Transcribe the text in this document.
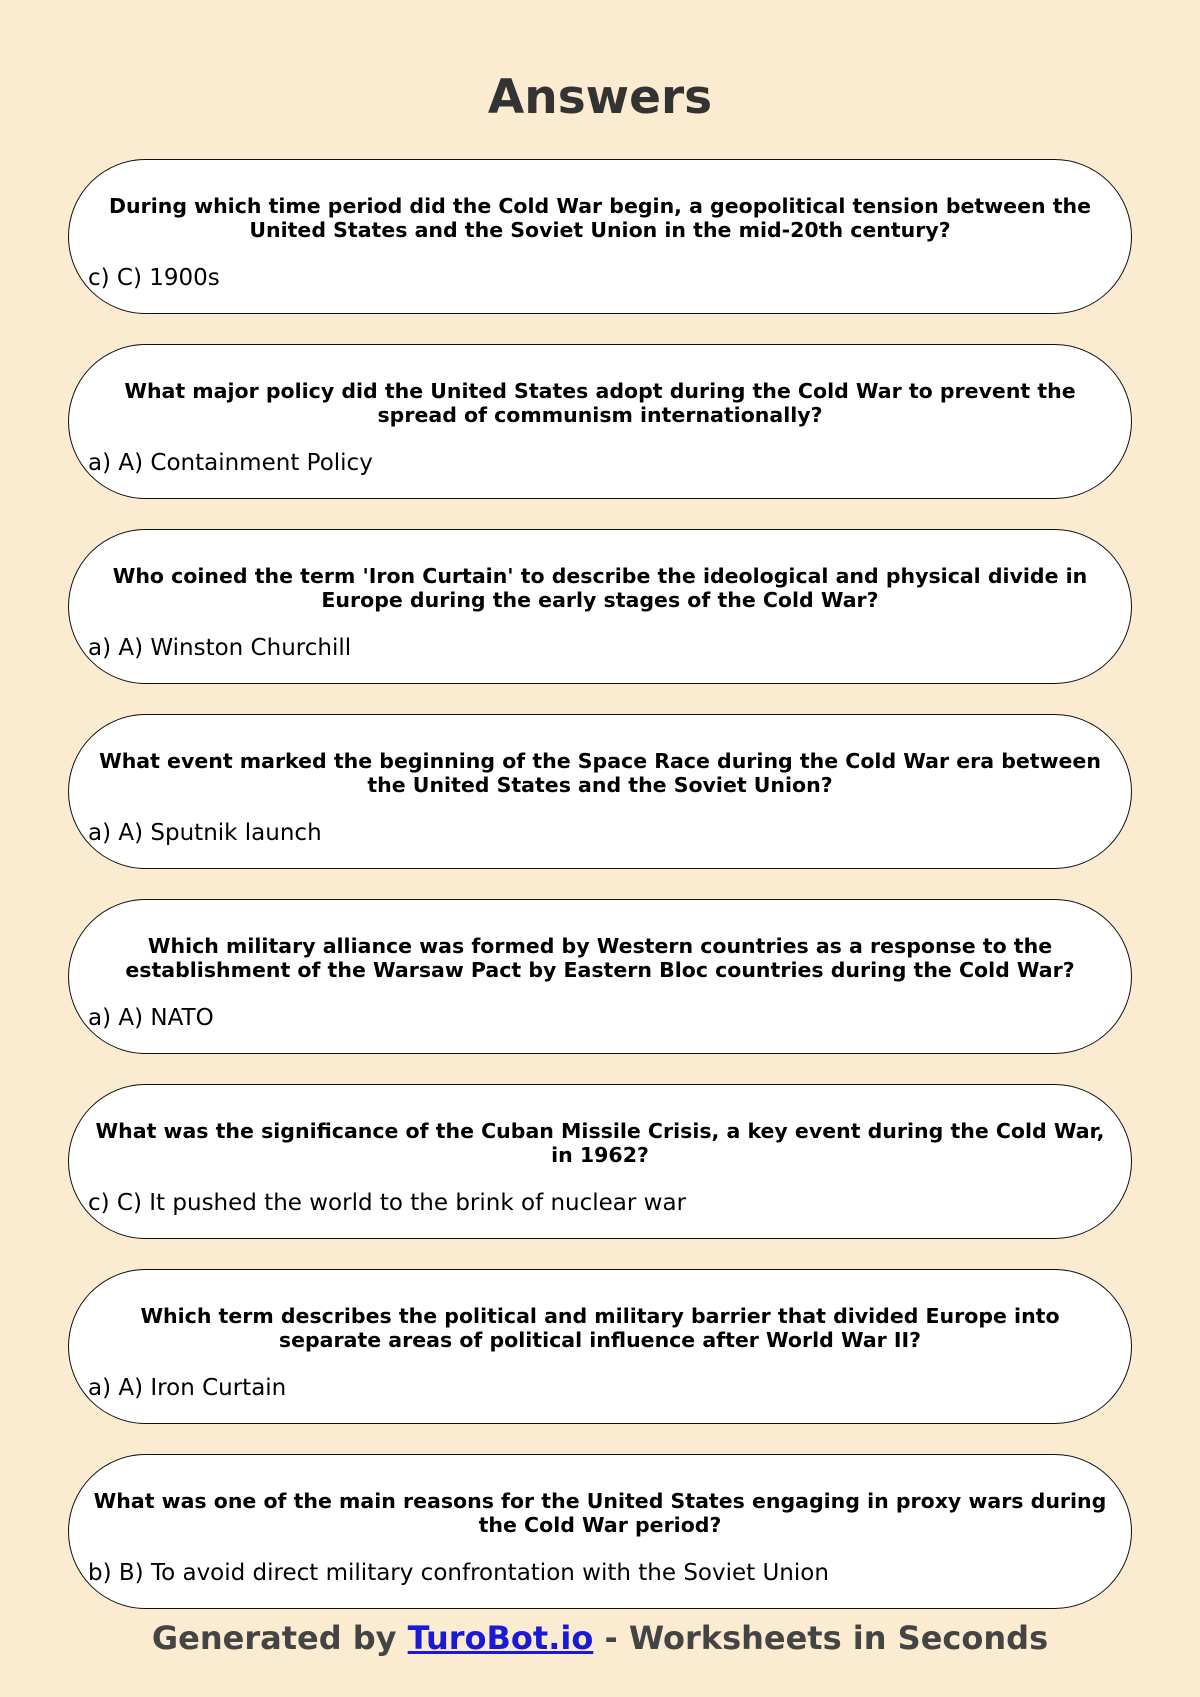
Answers
During which time period did the Cold War begin, a geopolitical tension between the United States and the Soviet Union in the mid-20th century?
c) C) 1900s
What major policy did the United States adopt during the Cold War to prevent the spread of communism internationally?
a) A) Containment Policy
Who coined the term 'Iron Curtain' to describe the ideological and physical divide in Europe during the early stages of the Cold War?
a) A) Winston Churchill
What event marked the beginning of the Space Race during the Cold War era between the United States and the Soviet Union?
a) A) Sputnik launch
Which military alliance was formed by Western countries as a response to the establishment of the Warsaw Pact by Eastern Bloc countries during the Cold War?
a) A) NATO
What was the significance of the Cuban Missile Crisis, a key event during the Cold War, in 1962?
c) C) It pushed the world to the brink of nuclear war
Which term describes the political and military barrier that divided Europe into separate areas of political influence after World War II?
a) A) Iron Curtain
What was one of the main reasons for the United States engaging in proxy wars during the Cold War period?
b) B) To avoid direct military confrontation with the Soviet Union
Generated by TuroBot.io - Worksheets in Seconds
